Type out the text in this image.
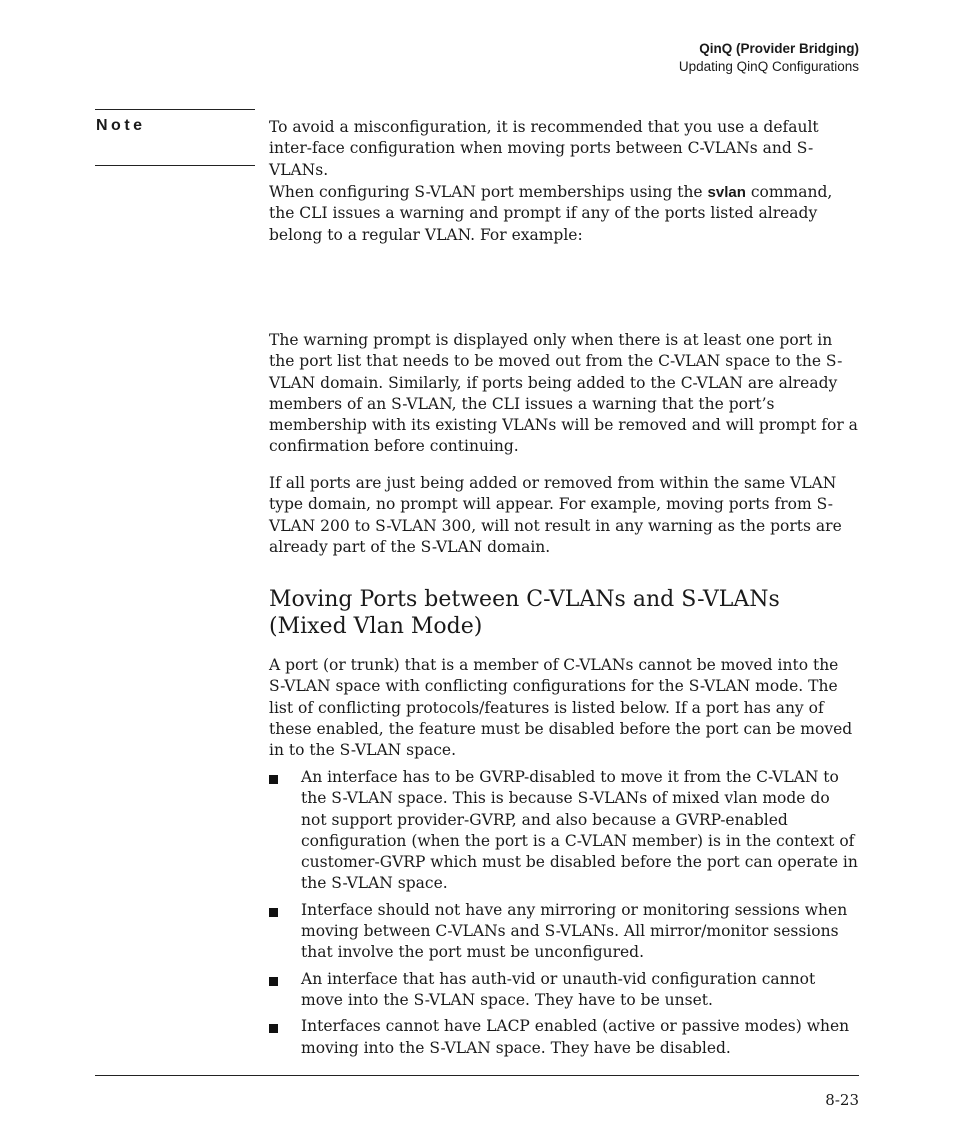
QinQ (Provider Bridging)
Updating QinQ Configurations
Note	To avoid a misconfiguration, it is recommended that you use a default inter-face configuration when moving ports between C-VLANs and S-VLANs.

When configuring S-VLAN port memberships using the svlan command, the CLI issues a warning and prompt if any of the ports listed already belong to a regular VLAN. For example:

The warning prompt is displayed only when there is at least one port in the port list that needs to be moved out from the C-VLAN space to the S-VLAN domain. Similarly, if ports being added to the C-VLAN are already members of an S-VLAN, the CLI issues a warning that the port’s membership with its existing VLANs will be removed and will prompt for a confirmation before continuing.

If all ports are just being added or removed from within the same VLAN type domain, no prompt will appear. For example, moving ports from S-VLAN 200 to S-VLAN 300, will not result in any warning as the ports are already part of the S-VLAN domain.

Moving Ports between C-VLANs and S-VLANs (Mixed Vlan Mode)

A port (or trunk) that is a member of C-VLANs cannot be moved into the S-VLAN space with conflicting configurations for the S-VLAN mode. The list of conflicting protocols/features is listed below. If a port has any of these enabled, the feature must be disabled before the port can be moved in to the S-VLAN space.

An interface has to be GVRP-disabled to move it from the C-VLAN to the S-VLAN space. This is because S-VLANs of mixed vlan mode do not support provider-GVRP, and also because a GVRP-enabled configuration (when the port is a C-VLAN member) is in the context of customer-GVRP which must be disabled before the port can operate in the S-VLAN space.
Interface should not have any mirroring or monitoring sessions when moving between C-VLANs and S-VLANs. All mirror/monitor sessions that involve the port must be unconfigured.
An interface that has auth-vid or unauth-vid configuration cannot move into the S-VLAN space. They have to be unset.
Interfaces cannot have LACP enabled (active or passive modes) when moving into the S-VLAN space. They have be disabled.
8-23
